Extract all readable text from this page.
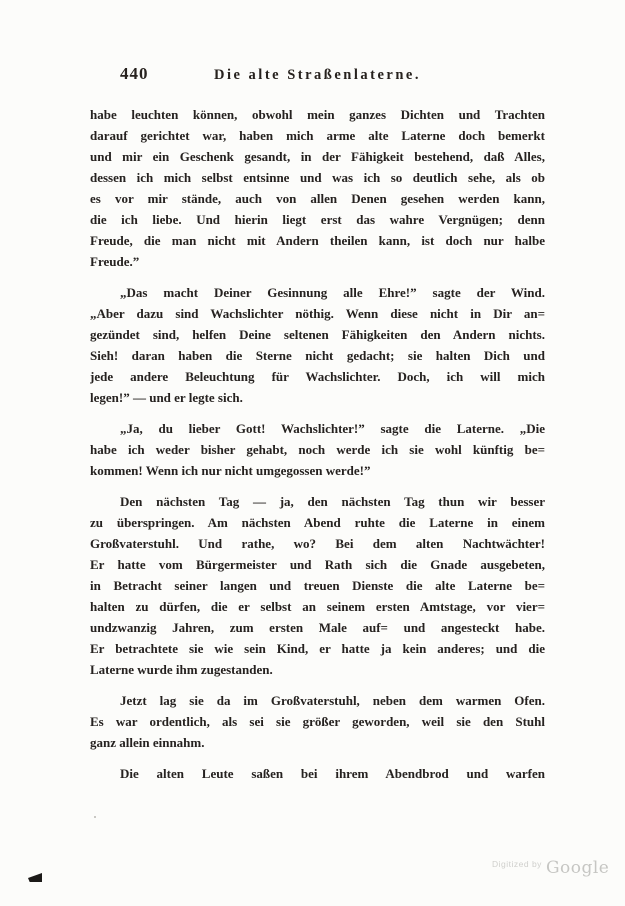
440	Die alte Straßenlaterne.
habe leuchten können, obwohl mein ganzes Dichten und Trachten
darauf gerichtet war, haben mich arme alte Laterne doch bemerkt
und mir ein Geschenk gesandt, in der Fähigkeit bestehend, daß Alles,
dessen ich mich selbst entsinne und was ich so deutlich sehe, als ob
es vor mir stände, auch von allen Denen gesehen werden kann,
die ich liebe. Und hierin liegt erst das wahre Vergnügen; denn
Freude, die man nicht mit Andern theilen kann, ist doch nur halbe
Freude.”
„Das macht Deiner Gesinnung alle Ehre!” sagte der Wind.
„Aber dazu sind Wachslichter nöthig. Wenn diese nicht in Dir an=
gezündet sind, helfen Deine seltenen Fähigkeiten den Andern nichts.
Sieh! daran haben die Sterne nicht gedacht; sie halten Dich und
jede andere Beleuchtung für Wachslichter. Doch, ich will mich
legen!” — und er legte sich.
„Ja, du lieber Gott! Wachslichter!” sagte die Laterne. „Die
habe ich weder bisher gehabt, noch werde ich sie wohl künftig be=
kommen! Wenn ich nur nicht umgegossen werde!”
Den nächsten Tag — ja, den nächsten Tag thun wir besser
zu überspringen. Am nächsten Abend ruhte die Laterne in einem
Großvaterstuhl. Und rathe, wo? Bei dem alten Nachtwächter!
Er hatte vom Bürgermeister und Rath sich die Gnade ausgebeten,
in Betracht seiner langen und treuen Dienste die alte Laterne be=
halten zu dürfen, die er selbst an seinem ersten Amtstage, vor vier=
undzwanzig Jahren, zum ersten Male auf= und angesteckt habe.
Er betrachtete sie wie sein Kind, er hatte ja kein anderes; und die
Laterne wurde ihm zugestanden.
Jetzt lag sie da im Großvaterstuhl, neben dem warmen Ofen.
Es war ordentlich, als sei sie größer geworden, weil sie den Stuhl
ganz allein einnahm.
Die alten Leute saßen bei ihrem Abendbrod und warfen
$^{Digitized by}$ Google
